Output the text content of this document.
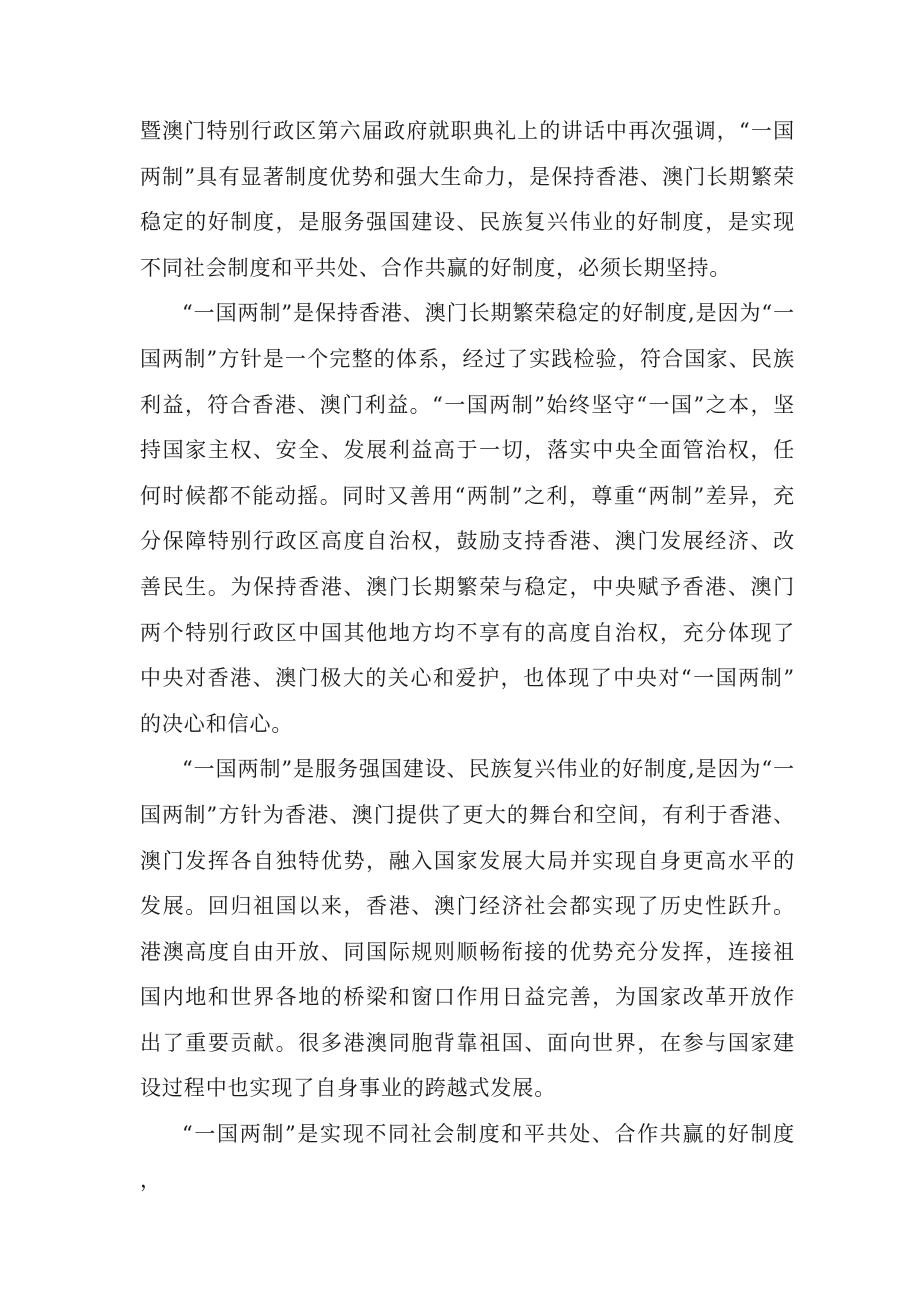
暨澳门特别行政区第六届政府就职典礼上的讲话中再次强调，“一国两制”具有显著制度优势和强大生命力，是保持香港、澳门长期繁荣稳定的好制度，是服务强国建设、民族复兴伟业的好制度，是实现不同社会制度和平共处、合作共赢的好制度，必须长期坚持。

“一国两制”是保持香港、澳门长期繁荣稳定的好制度,是因为“一国两制”方针是一个完整的体系，经过了实践检验，符合国家、民族利益，符合香港、澳门利益。“一国两制”始终坚守“一国”之本，坚持国家主权、安全、发展利益高于一切，落实中央全面管治权，任何时候都不能动摇。同时又善用“两制”之利，尊重“两制”差异，充分保障特别行政区高度自治权，鼓励支持香港、澳门发展经济、改善民生。为保持香港、澳门长期繁荣与稳定，中央赋予香港、澳门两个特别行政区中国其他地方均不享有的高度自治权，充分体现了中央对香港、澳门极大的关心和爱护，也体现了中央对“一国两制”的决心和信心。

“一国两制”是服务强国建设、民族复兴伟业的好制度,是因为“一国两制”方针为香港、澳门提供了更大的舞台和空间，有利于香港、澳门发挥各自独特优势，融入国家发展大局并实现自身更高水平的发展。回归祖国以来，香港、澳门经济社会都实现了历史性跃升。港澳高度自由开放、同国际规则顺畅衔接的优势充分发挥，连接祖国内地和世界各地的桥梁和窗口作用日益完善，为国家改革开放作出了重要贡献。很多港澳同胞背靠祖国、面向世界，在参与国家建设过程中也实现了自身事业的跨越式发展。

“一国两制”是实现不同社会制度和平共处、合作共赢的好制度，
